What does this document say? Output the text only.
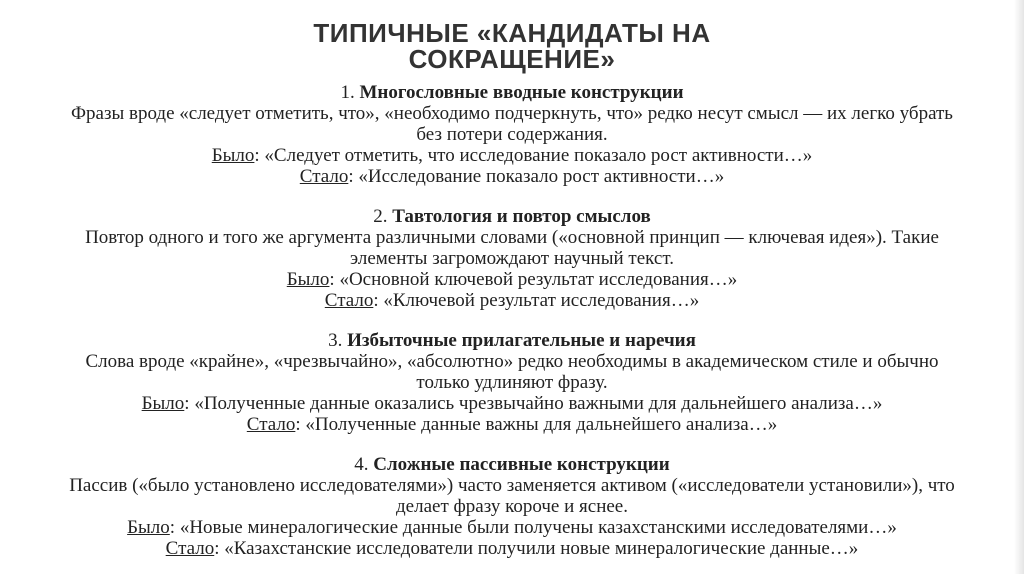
ТИПИЧНЫЕ «КАНДИДАТЫ НА
СОКРАЩЕНИЕ»
1. Многословные вводные конструкции
Фразы вроде «следует отметить, что», «необходимо подчеркнуть, что» редко несут смысл — их легко убрать
без потери содержания.
Было: «Следует отметить, что исследование показало рост активности…»
Стало: «Исследование показало рост активности…»
2. Тавтология и повтор смыслов
Повтор одного и того же аргумента различными словами («основной принцип — ключевая идея»). Такие
элементы загромождают научный текст.
Было: «Основной ключевой результат исследования…»
Стало: «Ключевой результат исследования…»
3. Избыточные прилагательные и наречия
Слова вроде «крайне», «чрезвычайно», «абсолютно» редко необходимы в академическом стиле и обычно
только удлиняют фразу.
Было: «Полученные данные оказались чрезвычайно важными для дальнейшего анализа…»
Стало: «Полученные данные важны для дальнейшего анализа…»
4. Сложные пассивные конструкции
Пассив («было установлено исследователями») часто заменяется активом («исследователи установили»), что
делает фразу короче и яснее.
Было: «Новые минералогические данные были получены казахстанскими исследователями…»
Стало: «Казахстанские исследователи получили новые минералогические данные…»
